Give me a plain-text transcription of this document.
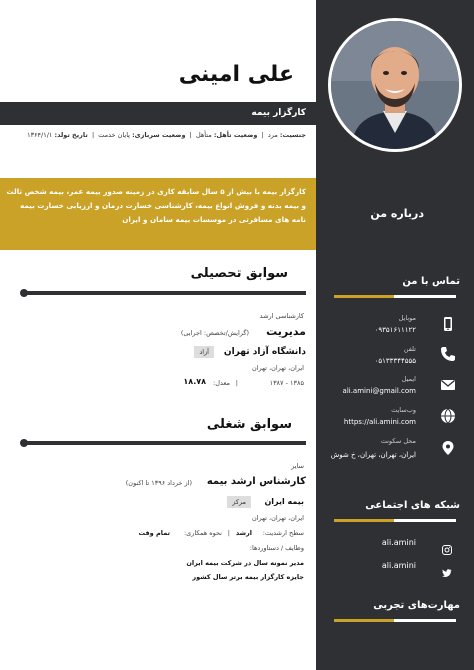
علی امینی
کارگزار بیمه
جنسیت: مرد  |  وضعیت تأهل: متأهل  |  وضعیت سربازی: پایان خدمت  |  تاریخ تولد: ۱۳۶۴/۱/۱
کارگزار بیمه با بیش از ۵ سال سابقه کاری در زمینه صدور بیمه عمر، بیمه شخص ثالث و بیمه بدنه و فروش انواع بیمه، کارشناسی خسارت درمان و ارزیابی خسارت بیمه نامه های مسافرتی در موسسات بیمه سامان و ایران	درباره من
سوابق تحصیلی
کارشناسی ارشد
مدیریت
(گرایش/تخصص: اجرایی)
دانشگاه آزاد تهران
آزاد
ایران، تهران، تهران
۱۳۸۵ - ۱۳۸۷
|
معدل:
۱۸.۷۸
سوابق شغلی
سایر
کارشناس ارشد بیمه
(از خرداد ۱۳۹۶ تا اکنون)
بیمه ایران
مرکز
ایران، تهران، تهران
سطح ارشدیت:
ارشد
|
نحوه همکاری:
تمام وقت
وظایف / دستاوردها:
مدیر نمونه سال در شرکت بیمه ایران
جایزه کارگزار بیمه برتر سال کشور
تماس با من
موبایل
۰۹۳۵۱۶۱۱۱۲۲
تلفن
۰۵۱۳۳۳۴۴۵۵۵
ایمیل
ali.amini@gmail.com
وب‌سایت
https://ali.amini.com
محل سکونت
ایران، تهران، تهران، خ شوش
شبکه های اجتماعی
ali.amini
ali.amini
مهارت‌های تجربی
